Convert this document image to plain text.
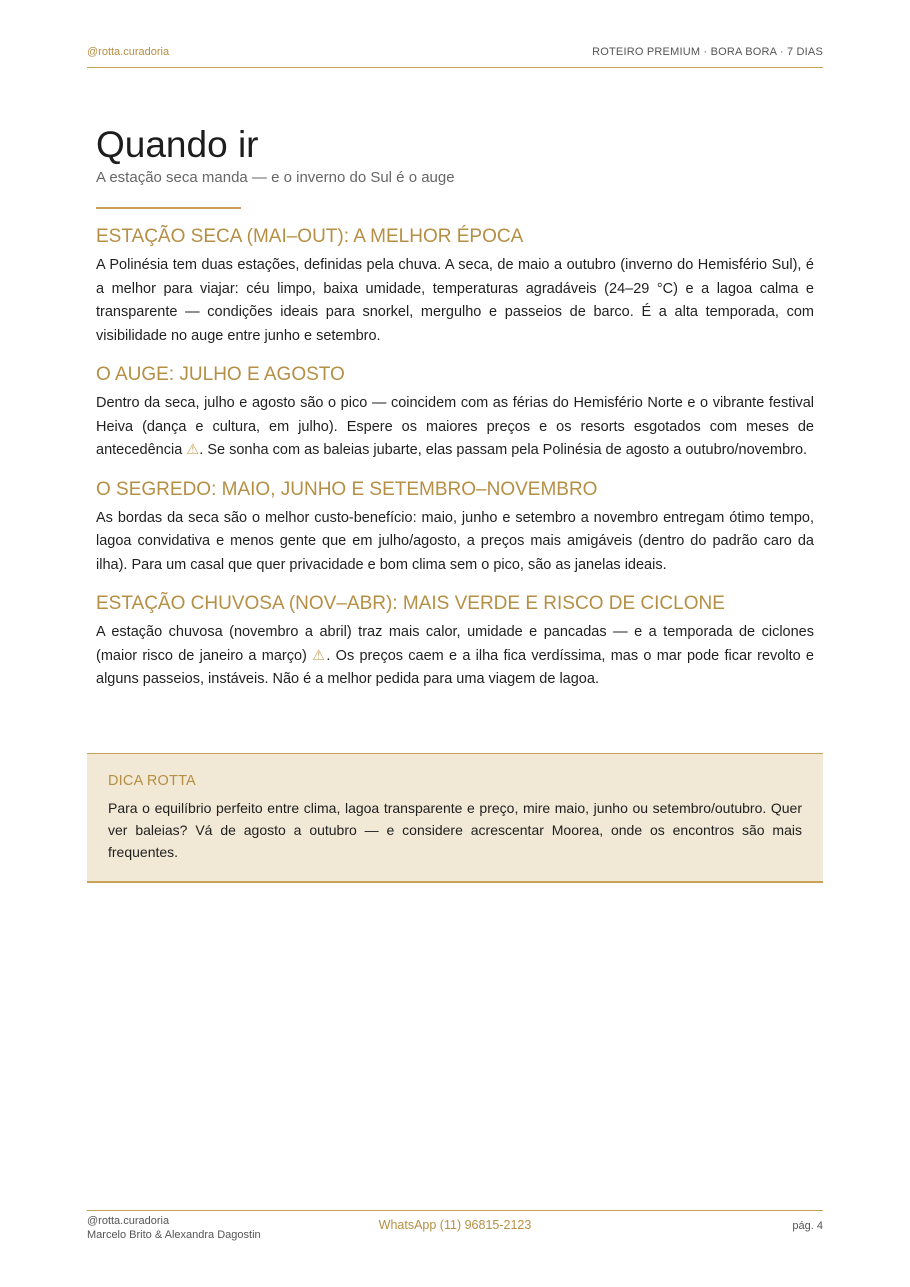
@rotta.curadoria	ROTEIRO PREMIUM · BORA BORA · 7 DIAS
Quando ir
A estação seca manda — e o inverno do Sul é o auge
ESTAÇÃO SECA (MAI–OUT): A MELHOR ÉPOCA

A Polinésia tem duas estações, definidas pela chuva. A seca, de maio a outubro (inverno do Hemisfério Sul), é a melhor para viajar: céu limpo, baixa umidade, temperaturas agradáveis (24–29 °C) e a lagoa calma e transparente — condições ideais para snorkel, mergulho e passeios de barco. É a alta temporada, com visibilidade no auge entre junho e setembro.

O AUGE: JULHO E AGOSTO

Dentro da seca, julho e agosto são o pico — coincidem com as férias do Hemisfério Norte e o vibrante festival Heiva (dança e cultura, em julho). Espere os maiores preços e os resorts esgotados com meses de antecedência ⚠. Se sonha com as baleias jubarte, elas passam pela Polinésia de agosto a outubro/novembro.

O SEGREDO: MAIO, JUNHO E SETEMBRO–NOVEMBRO

As bordas da seca são o melhor custo-benefício: maio, junho e setembro a novembro entregam ótimo tempo, lagoa convidativa e menos gente que em julho/agosto, a preços mais amigáveis (dentro do padrão caro da ilha). Para um casal que quer privacidade e bom clima sem o pico, são as janelas ideais.

ESTAÇÃO CHUVOSA (NOV–ABR): MAIS VERDE E RISCO DE CICLONE

A estação chuvosa (novembro a abril) traz mais calor, umidade e pancadas — e a temporada de ciclones (maior risco de janeiro a março) ⚠. Os preços caem e a ilha fica verdíssima, mas o mar pode ficar revolto e alguns passeios, instáveis. Não é a melhor pedida para uma viagem de lagoa.

DICA ROTTA
Para o equilíbrio perfeito entre clima, lagoa transparente e preço, mire maio, junho ou setembro/outubro. Quer ver baleias? Vá de agosto a outubro — e considere acrescentar Moorea, onde os encontros são mais frequentes.
@rotta.curadoria
Marcelo Brito & Alexandra Dagostin
WhatsApp (11) 96815-2123	pág. 4
